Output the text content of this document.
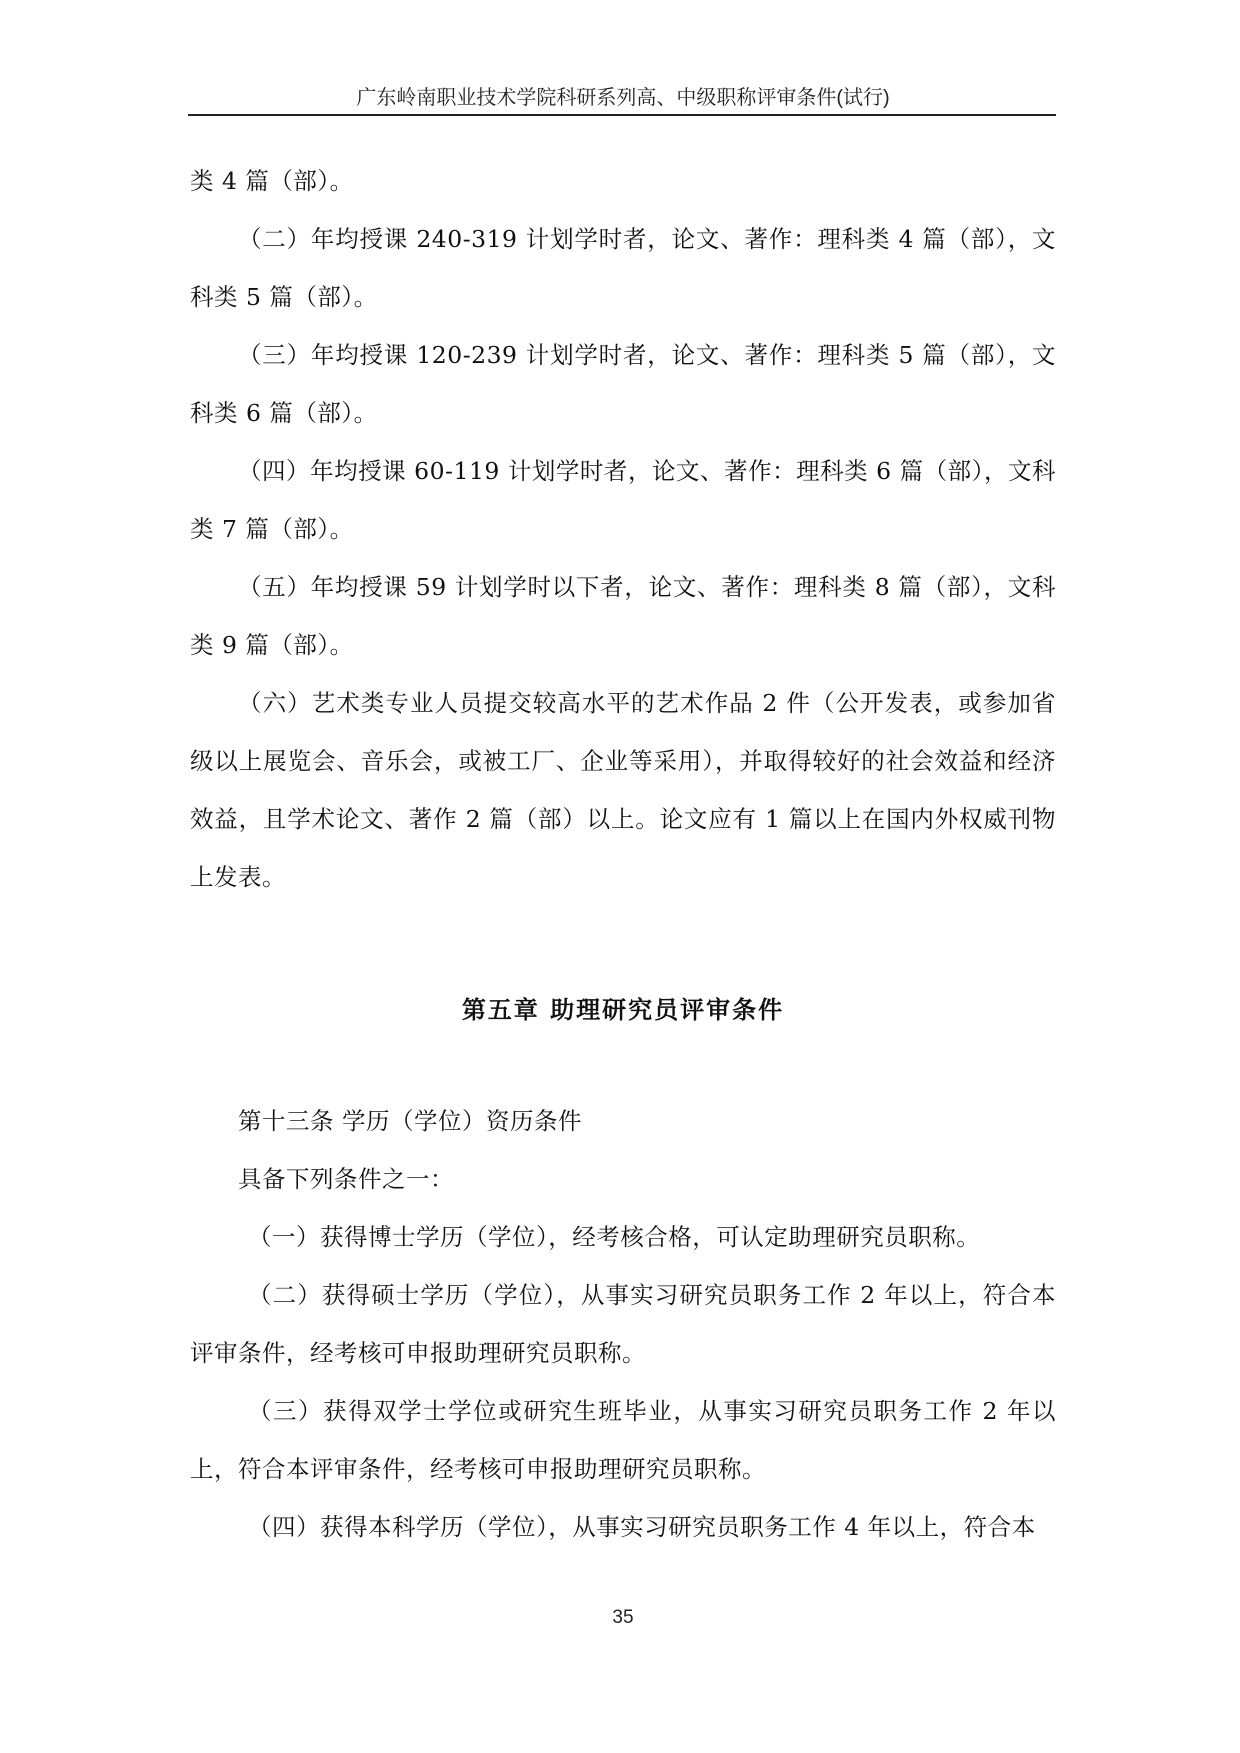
广东岭南职业技术学院科研系列高、中级职称评审条件(试行)

类 4 篇（部）。

（二）年均授课 240-319 计划学时者，论文、著作：理科类 4 篇（部），文科类 5 篇（部）。

（三）年均授课 120-239 计划学时者，论文、著作：理科类 5 篇（部），文科类 6 篇（部）。

（四）年均授课 60-119 计划学时者，论文、著作：理科类 6 篇（部），文科类 7 篇（部）。

（五）年均授课 59 计划学时以下者，论文、著作：理科类 8 篇（部），文科类 9 篇（部）。

（六）艺术类专业人员提交较高水平的艺术作品 2 件（公开发表，或参加省级以上展览会、音乐会，或被工厂、企业等采用），并取得较好的社会效益和经济效益，且学术论文、著作 2 篇（部）以上。论文应有 1 篇以上在国内外权威刊物上发表。

第五章 助理研究员评审条件

第十三条 学历（学位）资历条件

具备下列条件之一：

（一）获得博士学历（学位），经考核合格，可认定助理研究员职称。

（二）获得硕士学历（学位），从事实习研究员职务工作 2 年以上，符合本评审条件，经考核可申报助理研究员职称。

（三）获得双学士学位或研究生班毕业，从事实习研究员职务工作 2 年以上，符合本评审条件，经考核可申报助理研究员职称。

（四）获得本科学历（学位），从事实习研究员职务工作 4 年以上，符合本

35
